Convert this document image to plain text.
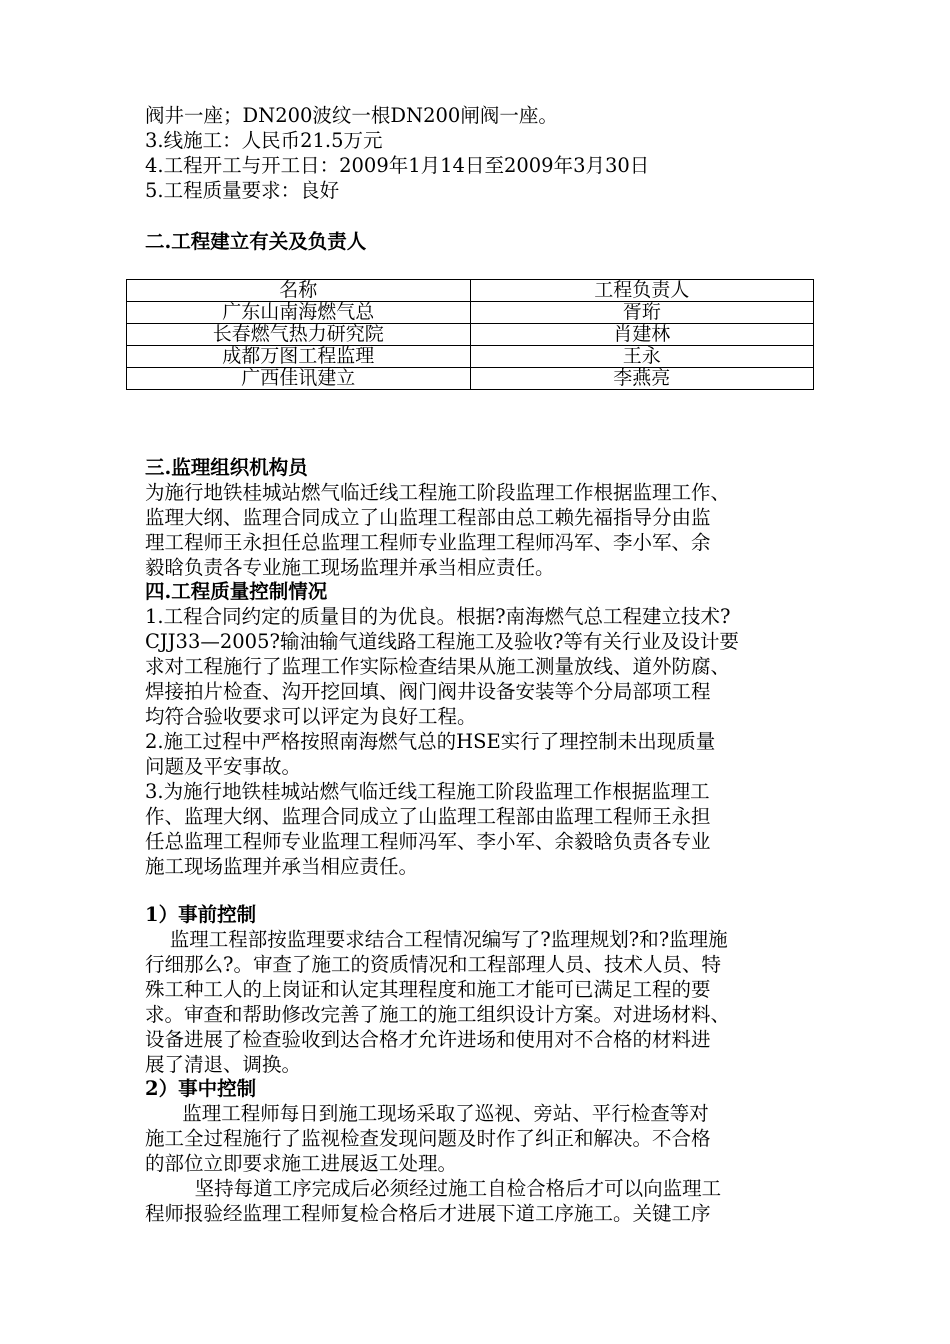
阀井一座；DN200波纹一根DN200闸阀一座。
3.线施工：人民币21.5万元
4.工程开工与开工日：2009年1月14日至2009年3月30日
5.工程质量要求：良好
二.工程建立有关及负责人
名称	工程负责人
广东山南海燃气总	胥珩
长春燃气热力研究院	肖建林
成都万图工程监理	王永
广西佳讯建立	李燕亮
三.监理组织机构员
为施行地铁桂城站燃气临迁线工程施工阶段监理工作根据监理工作、
监理大纲、监理合同成立了山监理工程部由总工赖先福指导分由监
理工程师王永担任总监理工程师专业监理工程师冯军、李小军、余
毅晗负责各专业施工现场监理并承当相应责任。
四.工程质量控制情况
1.工程合同约定的质量目的为优良。根据?南海燃气总工程建立技术?
CJJ33—2005?输油输气道线路工程施工及验收?等有关行业及设计要
求对工程施行了监理工作实际检查结果从施工测量放线、道外防腐、
焊接拍片检查、沟开挖回填、阀门阀井设备安装等个分局部项工程
均符合验收要求可以评定为良好工程。
2.施工过程中严格按照南海燃气总的HSE实行了理控制未出现质量
问题及平安事故。
3.为施行地铁桂城站燃气临迁线工程施工阶段监理工作根据监理工
作、监理大纲、监理合同成立了山监理工程部由监理工程师王永担
任总监理工程师专业监理工程师冯军、李小军、余毅晗负责各专业
施工现场监理并承当相应责任。
1）事前控制
监理工程部按监理要求结合工程情况编写了?监理规划?和?监理施
行细那么?。审查了施工的资质情况和工程部理人员、技术人员、特
殊工种工人的上岗证和认定其理程度和施工才能可已满足工程的要
求。审查和帮助修改完善了施工的施工组织设计方案。对进场材料、
设备进展了检查验收到达合格才允许进场和使用对不合格的材料进
展了清退、调换。
2）事中控制
监理工程师每日到施工现场采取了巡视、旁站、平行检查等对
施工全过程施行了监视检查发现问题及时作了纠正和解决。不合格
的部位立即要求施工进展返工处理。
坚持每道工序完成后必须经过施工自检合格后才可以向监理工
程师报验经监理工程师复检合格后才进展下道工序施工。关键工序
